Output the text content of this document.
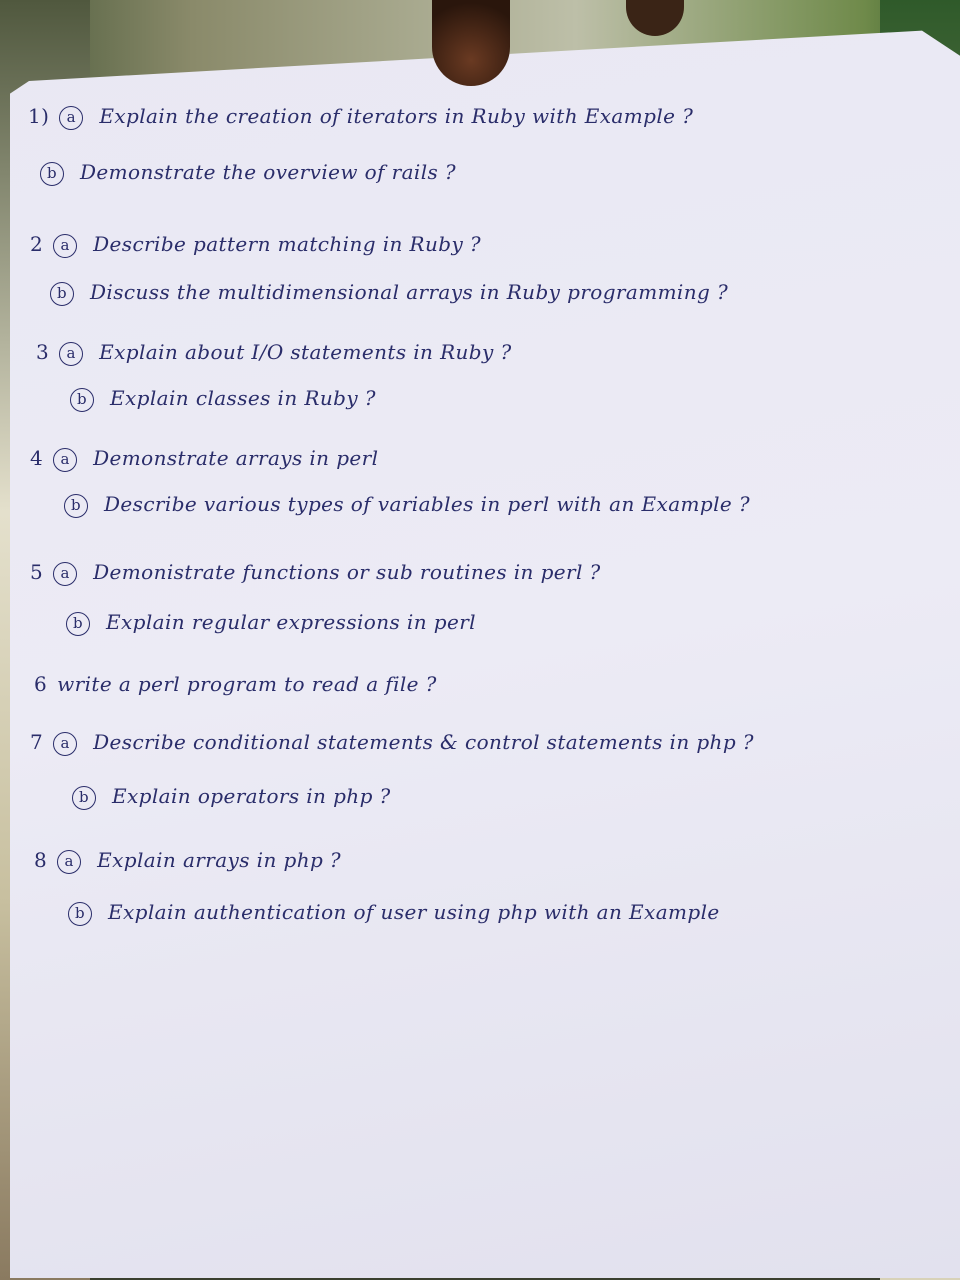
1) a Explain the creation of iterators in Ruby with Example ?
b Demonstrate the overview of rails ?
2 a Describe pattern matching in Ruby ?
b Discuss the multidimensional arrays in Ruby programming ?
3 a Explain about I/O statements in Ruby ?
b Explain classes in Ruby ?
4 a Demonstrate arrays in perl
b Describe various types of variables in perl with an Example ?
5 a Demonistrate functions or sub routines in perl ?
b Explain regular expressions in perl
6 write a perl program to read a file ?
7 a Describe conditional statements & control statements in php ?
b Explain operators in php ?
8 a Explain arrays in php ?
b Explain authentication of user using php with an Example
